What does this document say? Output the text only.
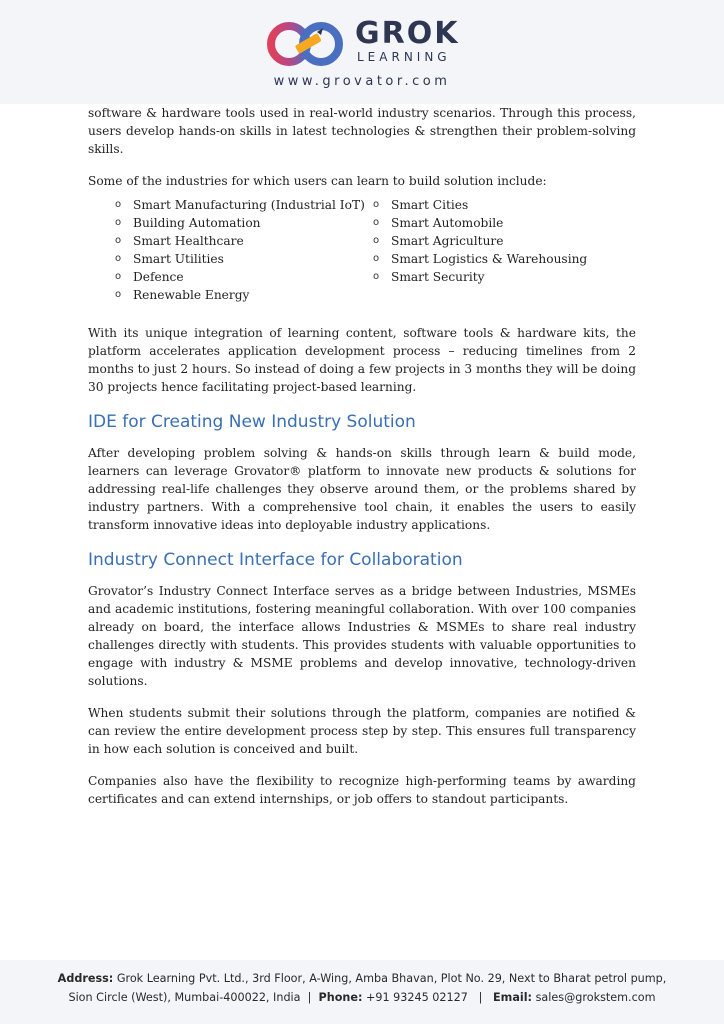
GROK
LEARNING
www.grovator.com

software & hardware tools used in real-world industry scenarios. Through this process, users develop hands-on skills in latest technologies & strengthen their problem-solving skills.

Some of the industries for which users can learn to build solution include:

o Smart Manufacturing (Industrial IoT)
o Building Automation
o Smart Healthcare
o Smart Utilities
o Defence
o Renewable Energy
o Smart Cities
o Smart Automobile
o Smart Agriculture
o Smart Logistics & Warehousing
o Smart Security

With its unique integration of learning content, software tools & hardware kits, the platform accelerates application development process – reducing timelines from 2 months to just 2 hours. So instead of doing a few projects in 3 months they will be doing 30 projects hence facilitating project-based learning.

IDE for Creating New Industry Solution

After developing problem solving & hands-on skills through learn & build mode, learners can leverage Grovator® platform to innovate new products & solutions for addressing real-life challenges they observe around them, or the problems shared by industry partners. With a comprehensive tool chain, it enables the users to easily transform innovative ideas into deployable industry applications.

Industry Connect Interface for Collaboration

Grovator’s Industry Connect Interface serves as a bridge between Industries, MSMEs and academic institutions, fostering meaningful collaboration. With over 100 companies already on board, the interface allows Industries & MSMEs to share real industry challenges directly with students. This provides students with valuable opportunities to engage with industry & MSME problems and develop innovative, technology-driven solutions.

When students submit their solutions through the platform, companies are notified & can review the entire development process step by step. This ensures full transparency in how each solution is conceived and built.

Companies also have the flexibility to recognize high-performing teams by awarding certificates and can extend internships, or job offers to standout participants.

Address: Grok Learning Pvt. Ltd., 3rd Floor, A-Wing, Amba Bhavan, Plot No. 29, Next to Bharat petrol pump,
Sion Circle (West), Mumbai-400022, India | Phone: +91 93245 02127 | Email: sales@grokstem.com
